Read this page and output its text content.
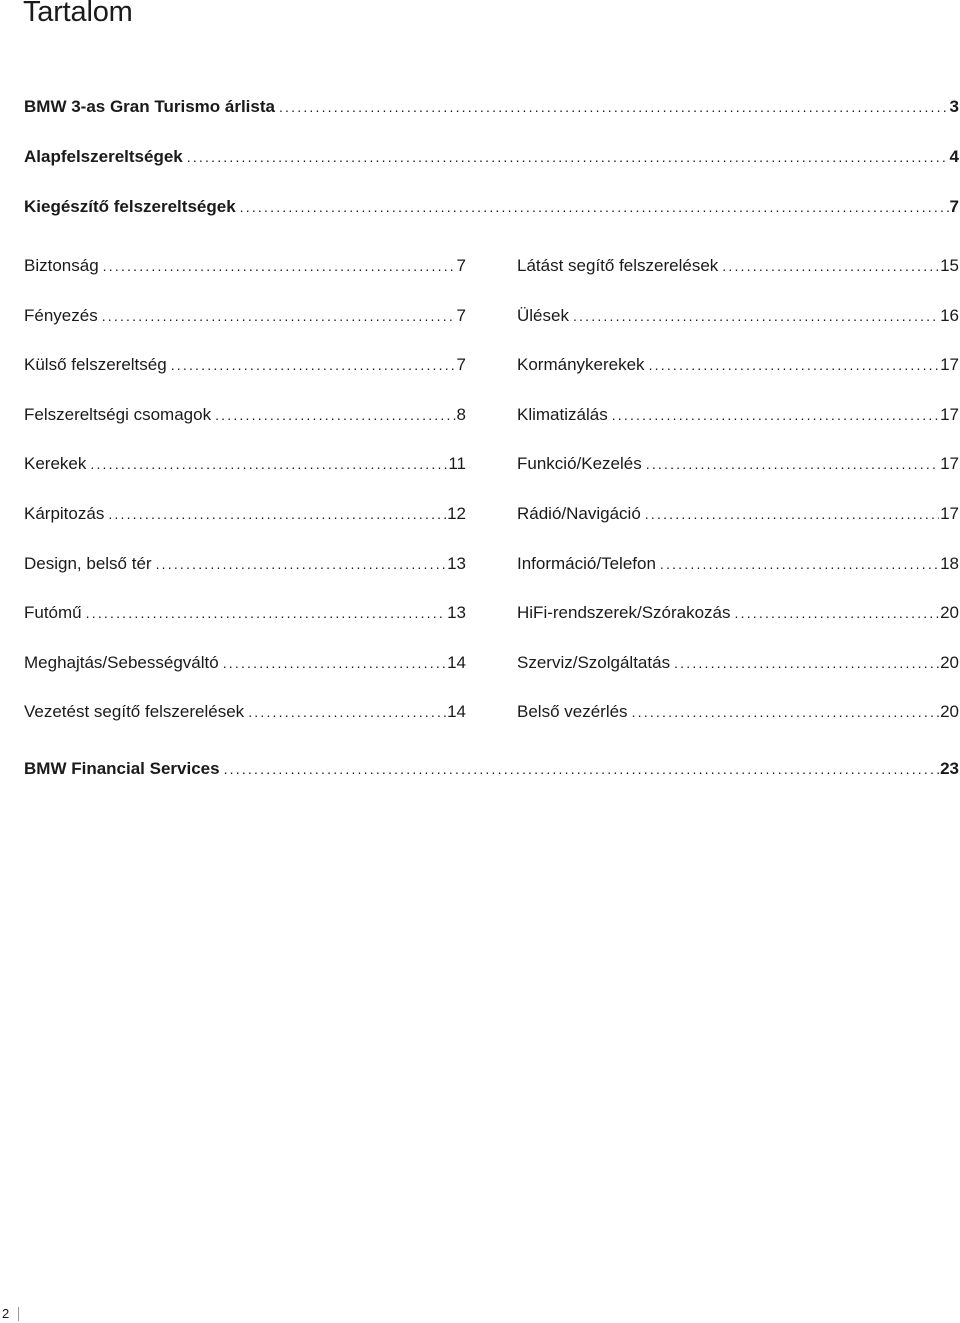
Tartalom
BMW 3-as Gran Turismo árlista .....	3
Alapfelszereltségek .....	4
Kiegészítő felszereltségek .....	7
Biztonság .....	7
Fényezés .....	7
Külső felszereltség .....	7
Felszereltségi csomagok .....	8
Kerekek .....	11
Kárpitozás .....	12
Design, belső tér .....	13
Futómű .....	13
Meghajtás/Sebességváltó .....	14
Vezetést segítő felszerelések .....	14
Látást segítő felszerelések .....	15
Ülések .....	16
Kormánykerekek .....	17
Klimatizálás .....	17
Funkció/Kezelés .....	17
Rádió/Navigáció .....	17
Információ/Telefon .....	18
HiFi-rendszerek/Szórakozás .....	20
Szerviz/Szolgáltatás .....	20
Belső vezérlés .....	20
BMW Financial Services .....	23
2
